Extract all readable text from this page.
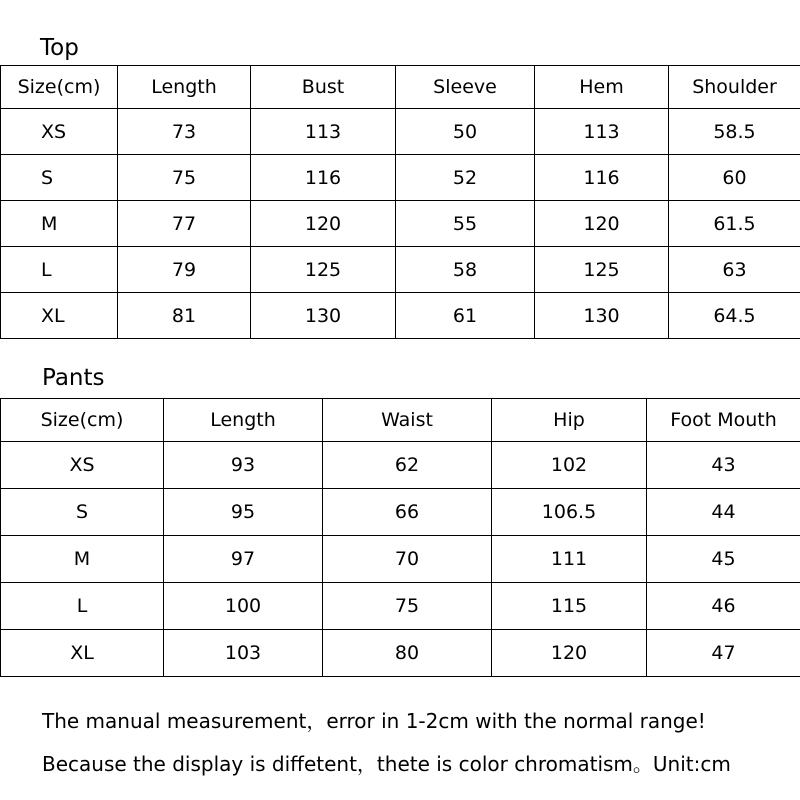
Top
Size(cm)	Length	Bust	Sleeve	Hem	Shoulder
XS	73	113	50	113	58.5
S	75	116	52	116	60
M	77	120	55	120	61.5
L	79	125	58	125	63
XL	81	130	61	130	64.5
Pants
Size(cm)	Length	Waist	Hip	Foot Mouth
XS	93	62	102	43
S	95	66	106.5	44
M	97	70	111	45
L	100	75	115	46
XL	103	80	120	47
The manual measurement，error in 1-2cm with the normal range!
Because the display is diffetent，thete is color chromatism。Unit:cm
